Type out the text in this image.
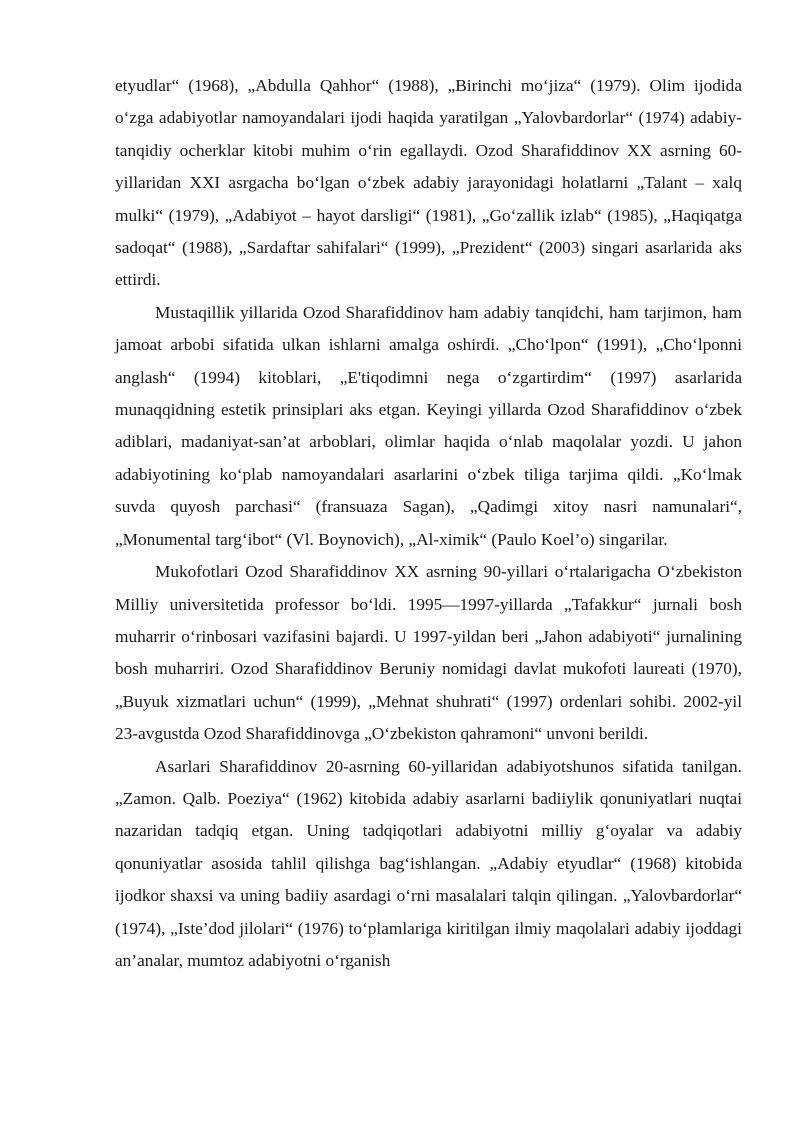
etyudlar“ (1968), „Abdulla Qahhor“ (1988), „Birinchi mo‘jiza“ (1979). Olim ijodida o‘zga adabiyotlar namoyandalari ijodi haqida yaratilgan „Yalovbardorlar“ (1974) adabiy-tanqidiy ocherklar kitobi muhim o‘rin egallaydi. Ozod Sharafiddinov XX asrning 60-yillaridan XXI asrgacha bo‘lgan o‘zbek adabiy jarayonidagi holatlarni „Talant – xalq mulki“ (1979), „Adabiyot – hayot darsligi“ (1981), „Go‘zallik izlab“ (1985), „Haqiqatga sadoqat“ (1988), „Sardaftar sahifalari“ (1999), „Prezident“ (2003) singari asarlarida aks ettirdi.

Mustaqillik yillarida Ozod Sharafiddinov ham adabiy tanqidchi, ham tarjimon, ham jamoat arbobi sifatida ulkan ishlarni amalga oshirdi. „Cho‘lpon“ (1991), „Cho‘lponni anglash“ (1994) kitoblari, „E'tiqodimni nega o‘zgartirdim“ (1997) asarlarida munaqqidning estetik prinsiplari aks etgan. Keyingi yillarda Ozod Sharafiddinov o‘zbek adiblari, madaniyat-san’at arboblari, olimlar haqida o‘nlab maqolalar yozdi. U jahon adabiyotining ko‘plab namoyandalari asarlarini o‘zbek tiliga tarjima qildi. „Ko‘lmak suvda quyosh parchasi“ (fransuaza Sagan), „Qadimgi xitoy nasri namunalari“, „Monumental targ‘ibot“ (Vl. Boynovich), „Al-ximik“ (Paulo Koel’o) singarilar.

Mukofotlari Ozod Sharafiddinov XX asrning 90-yillari o‘rtalarigacha O‘zbekiston Milliy universitetida professor bo‘ldi. 1995—1997-yillarda „Tafakkur“ jurnali bosh muharrir o‘rinbosari vazifasini bajardi. U 1997-yildan beri „Jahon adabiyoti“ jurnalining bosh muharriri. Ozod Sharafiddinov Beruniy nomidagi davlat mukofoti laureati (1970), „Buyuk xizmatlari uchun“ (1999), „Mehnat shuhrati“ (1997) ordenlari sohibi. 2002-yil 23-avgustda Ozod Sharafiddinovga „O‘zbekiston qahramoni“ unvoni berildi.

Asarlari Sharafiddinov 20-asrning 60-yillaridan adabiyotshunos sifatida tanilgan. „Zamon. Qalb. Poeziya“ (1962) kitobida adabiy asarlarni badiiylik qonuniyatlari nuqtai nazaridan tadqiq etgan. Uning tadqiqotlari adabiyotni milliy g‘oyalar va adabiy qonuniyatlar asosida tahlil qilishga bag‘ishlangan. „Adabiy etyudlar“ (1968) kitobida ijodkor shaxsi va uning badiiy asardagi o‘rni masalalari talqin qilingan. „Yalovbardorlar“ (1974), „Iste’dod jilolari“ (1976) to‘plamlariga kiritilgan ilmiy maqolalari adabiy ijoddagi an’analar, mumtoz adabiyotni o‘rganish
